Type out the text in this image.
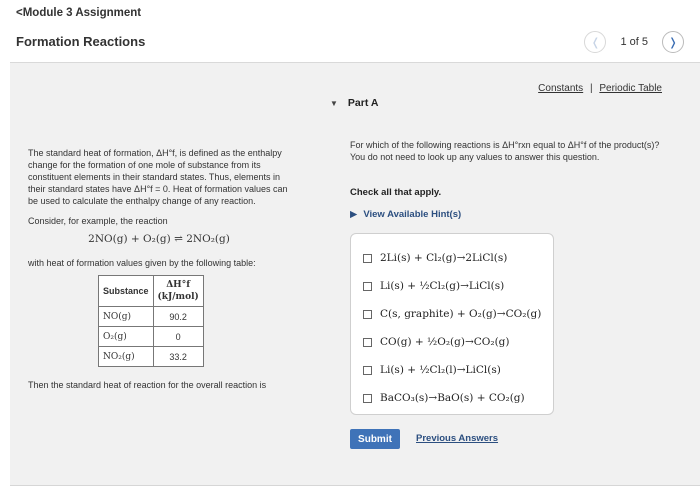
<Module 3 Assignment
Formation Reactions	❬ 1 of 5 ❭

The standard heat of formation, ΔH°f, is defined as the enthalpy change for the formation of one mole of substance from its constituent elements in their standard states. Thus, elements in their standard states have ΔH°f = 0. Heat of formation values can be used to calculate the enthalpy change of any reaction.

Consider, for example, the reaction

2NO(g) + O₂(g) ⇌ 2NO₂(g)

with heat of formation values given by the following table:

Substance	ΔH°f
(kJ/mol)

NO(g)	90.2
O₂(g)	0
NO₂(g)	33.2

Then the standard heat of reaction for the overall reaction is

Constants | Periodic Table
▼ Part A

For which of the following reactions is ΔH°rxn equal to ΔH°f of the product(s)? You do not need to look up any values to answer this question.

Check all that apply.
▶ View Available Hint(s)
2Li(s) + Cl₂(g)→2LiCl(s)
Li(s) + ½Cl₂(g)→LiCl(s)
C(s, graphite) + O₂(g)→CO₂(g)
CO(g) + ½O₂(g)→CO₂(g)
Li(s) + ½Cl₂(l)→LiCl(s)
BaCO₃(s)→BaO(s) + CO₂(g)
Submit	Previous Answers
